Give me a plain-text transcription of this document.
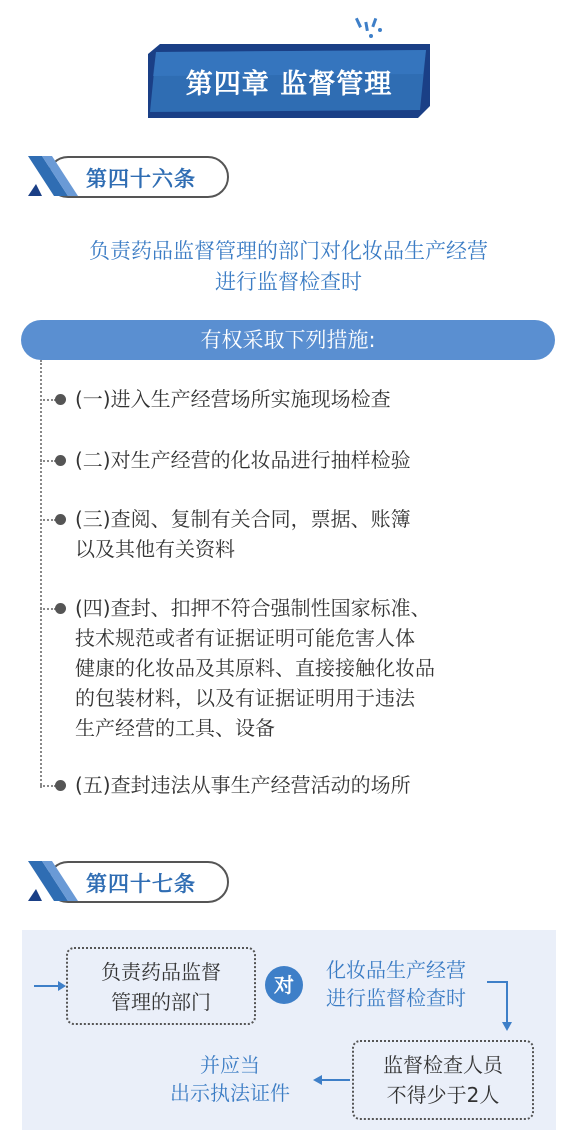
第四章 监督管理
第四十六条
负责药品监督管理的部门对化妆品生产经营
进行监督检查时
有权采取下列措施:
(一)进入生产经营场所实施现场检查
(二)对生产经营的化妆品进行抽样检验
(三)查阅、复制有关合同，票据、账簿
以及其他有关资料
(四)查封、扣押不符合强制性国家标准、
技术规范或者有证据证明可能危害人体
健康的化妆品及其原料、直接接触化妆品
的包装材料，以及有证据证明用于违法
生产经营的工具、设备
(五)查封违法从事生产经营活动的场所
第四十七条
负责药品监督
管理的部门
对
化妆品生产经营
进行监督检查时
监督检查人员
不得少于2人
并应当
出示执法证件
